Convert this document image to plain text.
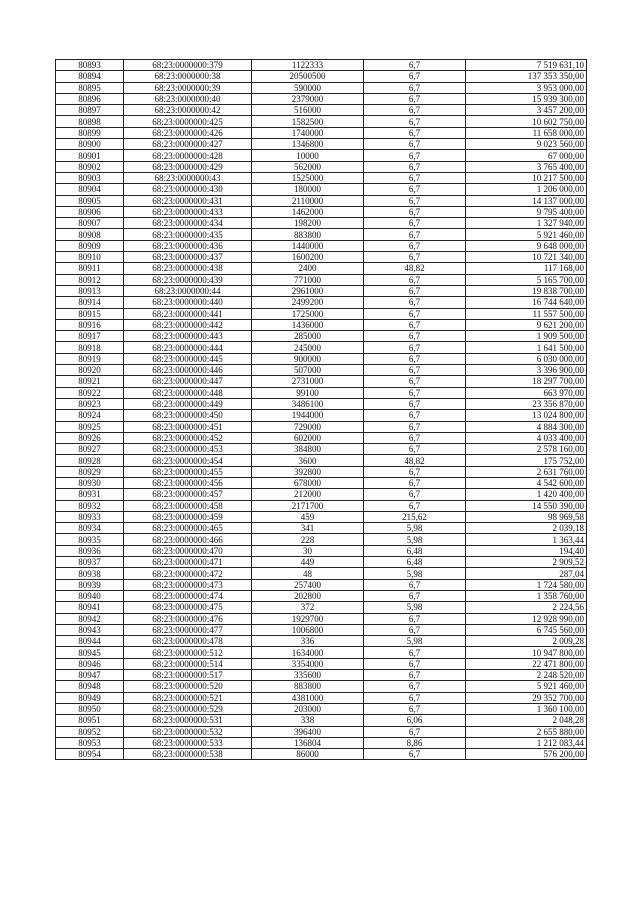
80893	68:23:0000000:379	1122333	6,7	7 519 631,10
80894	68:23:0000000:38	20500500	6,7	137 353 350,00
80895	68:23:0000000:39	590000	6,7	3 953 000,00
80896	68:23:0000000:40	2379000	6,7	15 939 300,00
80897	68:23:0000000:42	516000	6,7	3 457 200,00
80898	68:23:0000000:425	1582500	6,7	10 602 750,00
80899	68:23:0000000:426	1740000	6,7	11 658 000,00
80900	68:23:0000000:427	1346800	6,7	9 023 560,00
80901	68:23:0000000:428	10000	6,7	67 000,00
80902	68:23:0000000:429	562000	6,7	3 765 400,00
80903	68:23:0000000:43	1525000	6,7	10 217 500,00
80904	68:23:0000000:430	180000	6,7	1 206 000,00
80905	68:23:0000000:431	2110000	6,7	14 137 000,00
80906	68:23:0000000:433	1462000	6,7	9 795 400,00
80907	68:23:0000000:434	198200	6,7	1 327 940,00
80908	68:23:0000000:435	883800	6,7	5 921 460,00
80909	68:23:0000000:436	1440000	6,7	9 648 000,00
80910	68:23:0000000:437	1600200	6,7	10 721 340,00
80911	68:23:0000000:438	2400	48,82	117 168,00
80912	68:23:0000000:439	771000	6,7	5 165 700,00
80913	68:23:0000000:44	2961000	6,7	19 838 700,00
80914	68:23:0000000:440	2499200	6,7	16 744 640,00
80915	68:23:0000000:441	1725000	6,7	11 557 500,00
80916	68:23:0000000:442	1436000	6,7	9 621 200,00
80917	68:23:0000000:443	285000	6,7	1 909 500,00
80918	68:23:0000000:444	245000	6,7	1 641 500,00
80919	68:23:0000000:445	900000	6,7	6 030 000,00
80920	68:23:0000000:446	507000	6,7	3 396 900,00
80921	68:23:0000000:447	2731000	6,7	18 297 700,00
80922	68:23:0000000:448	99100	6,7	663 970,00
80923	68:23:0000000:449	3486100	6,7	23 356 870,00
80924	68:23:0000000:450	1944000	6,7	13 024 800,00
80925	68:23:0000000:451	729000	6,7	4 884 300,00
80926	68:23:0000000:452	602000	6,7	4 033 400,00
80927	68:23:0000000:453	384800	6,7	2 578 160,00
80928	68:23:0000000:454	3600	48,82	175 752,00
80929	68:23:0000000:455	392800	6,7	2 631 760,00
80930	68:23:0000000:456	678000	6,7	4 542 600,00
80931	68:23:0000000:457	212000	6,7	1 420 400,00
80932	68:23:0000000:458	2171700	6,7	14 550 390,00
80933	68:23:0000000:459	459	215,62	98 969,58
80934	68:23:0000000:465	341	5,98	2 039,18
80935	68:23:0000000:466	228	5,98	1 363,44
80936	68:23:0000000:470	30	6,48	194,40
80937	68:23:0000000:471	449	6,48	2 909,52
80938	68:23:0000000:472	48	5,98	287,04
80939	68:23:0000000:473	257400	6,7	1 724 580,00
80940	68:23:0000000:474	202800	6,7	1 358 760,00
80941	68:23:0000000:475	372	5,98	2 224,56
80942	68:23:0000000:476	1929700	6,7	12 928 990,00
80943	68:23:0000000:477	1006800	6,7	6 745 560,00
80944	68:23:0000000:478	336	5,98	2 009,28
80945	68:23:0000000:512	1634000	6,7	10 947 800,00
80946	68:23:0000000:514	3354000	6,7	22 471 800,00
80947	68:23:0000000:517	335600	6,7	2 248 520,00
80948	68:23:0000000:520	883800	6,7	5 921 460,00
80949	68:23:0000000:521	4381000	6,7	29 352 700,00
80950	68:23:0000000:529	203000	6,7	1 360 100,00
80951	68:23:0000000:531	338	6,06	2 048,28
80952	68:23:0000000:532	396400	6,7	2 655 880,00
80953	68:23:0000000:533	136804	8,86	1 212 083,44
80954	68:23:0000000:538	86000	6,7	576 200,00
